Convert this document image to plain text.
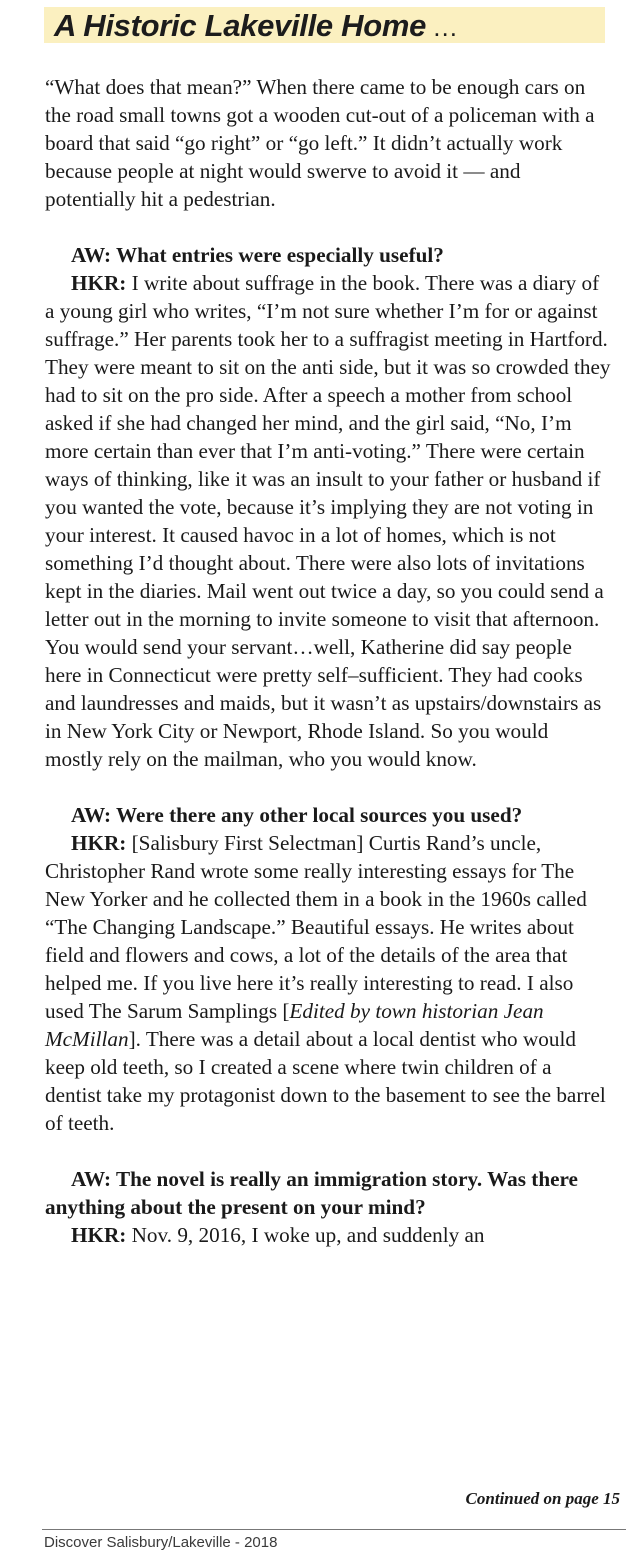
A Historic Lakeville Home …

“What does that mean?” When there came to be enough cars on the road small towns got a wooden cut-out of a policeman with a board that said “go right” or “go left.” It didn’t actually work because people at night would swerve to avoid it — and potentially hit a pedestrian.

AW: What entries were especially useful?

HKR: I write about suffrage in the book. There was a diary of a young girl who writes, “I’m not sure whether I’m for or against suffrage.” Her parents took her to a suffragist meeting in Hartford. They were meant to sit on the anti side, but it was so crowded they had to sit on the pro side. After a speech a mother from school asked if she had changed her mind, and the girl said, “No, I’m more certain than ever that I’m anti-voting.” There were certain ways of thinking, like it was an insult to your father or husband if you wanted the vote, because it’s implying they are not voting in your interest. It caused havoc in a lot of homes, which is not something I’d thought about. There were also lots of invitations kept in the diaries. Mail went out twice a day, so you could send a letter out in the morning to invite someone to visit that afternoon. You would send your servant…well, Katherine did say people here in Connecticut were pretty self–sufficient. They had cooks and laundresses and maids, but it wasn’t as upstairs/downstairs as in New York City or Newport, Rhode Island. So you would mostly rely on the mailman, who you would know.

AW: Were there any other local sources you used?

HKR: [Salisbury First Selectman] Curtis Rand’s uncle, Christopher Rand wrote some really interesting essays for The New Yorker and he collected them in a book in the 1960s called “The Changing Landscape.” Beautiful essays. He writes about field and flowers and cows, a lot of the details of the area that helped me. If you live here it’s really interesting to read. I also used The Sarum Samplings [Edited by town historian Jean McMillan]. There was a detail about a local dentist who would keep old teeth, so I created a scene where twin children of a dentist take my protagonist down to the basement to see the barrel of teeth.

AW: The novel is really an immigration story. Was there anything about the present on your mind?

HKR: Nov. 9, 2016, I woke up, and suddenly an

Continued on page 15
Discover Salisbury/Lakeville - 2018
